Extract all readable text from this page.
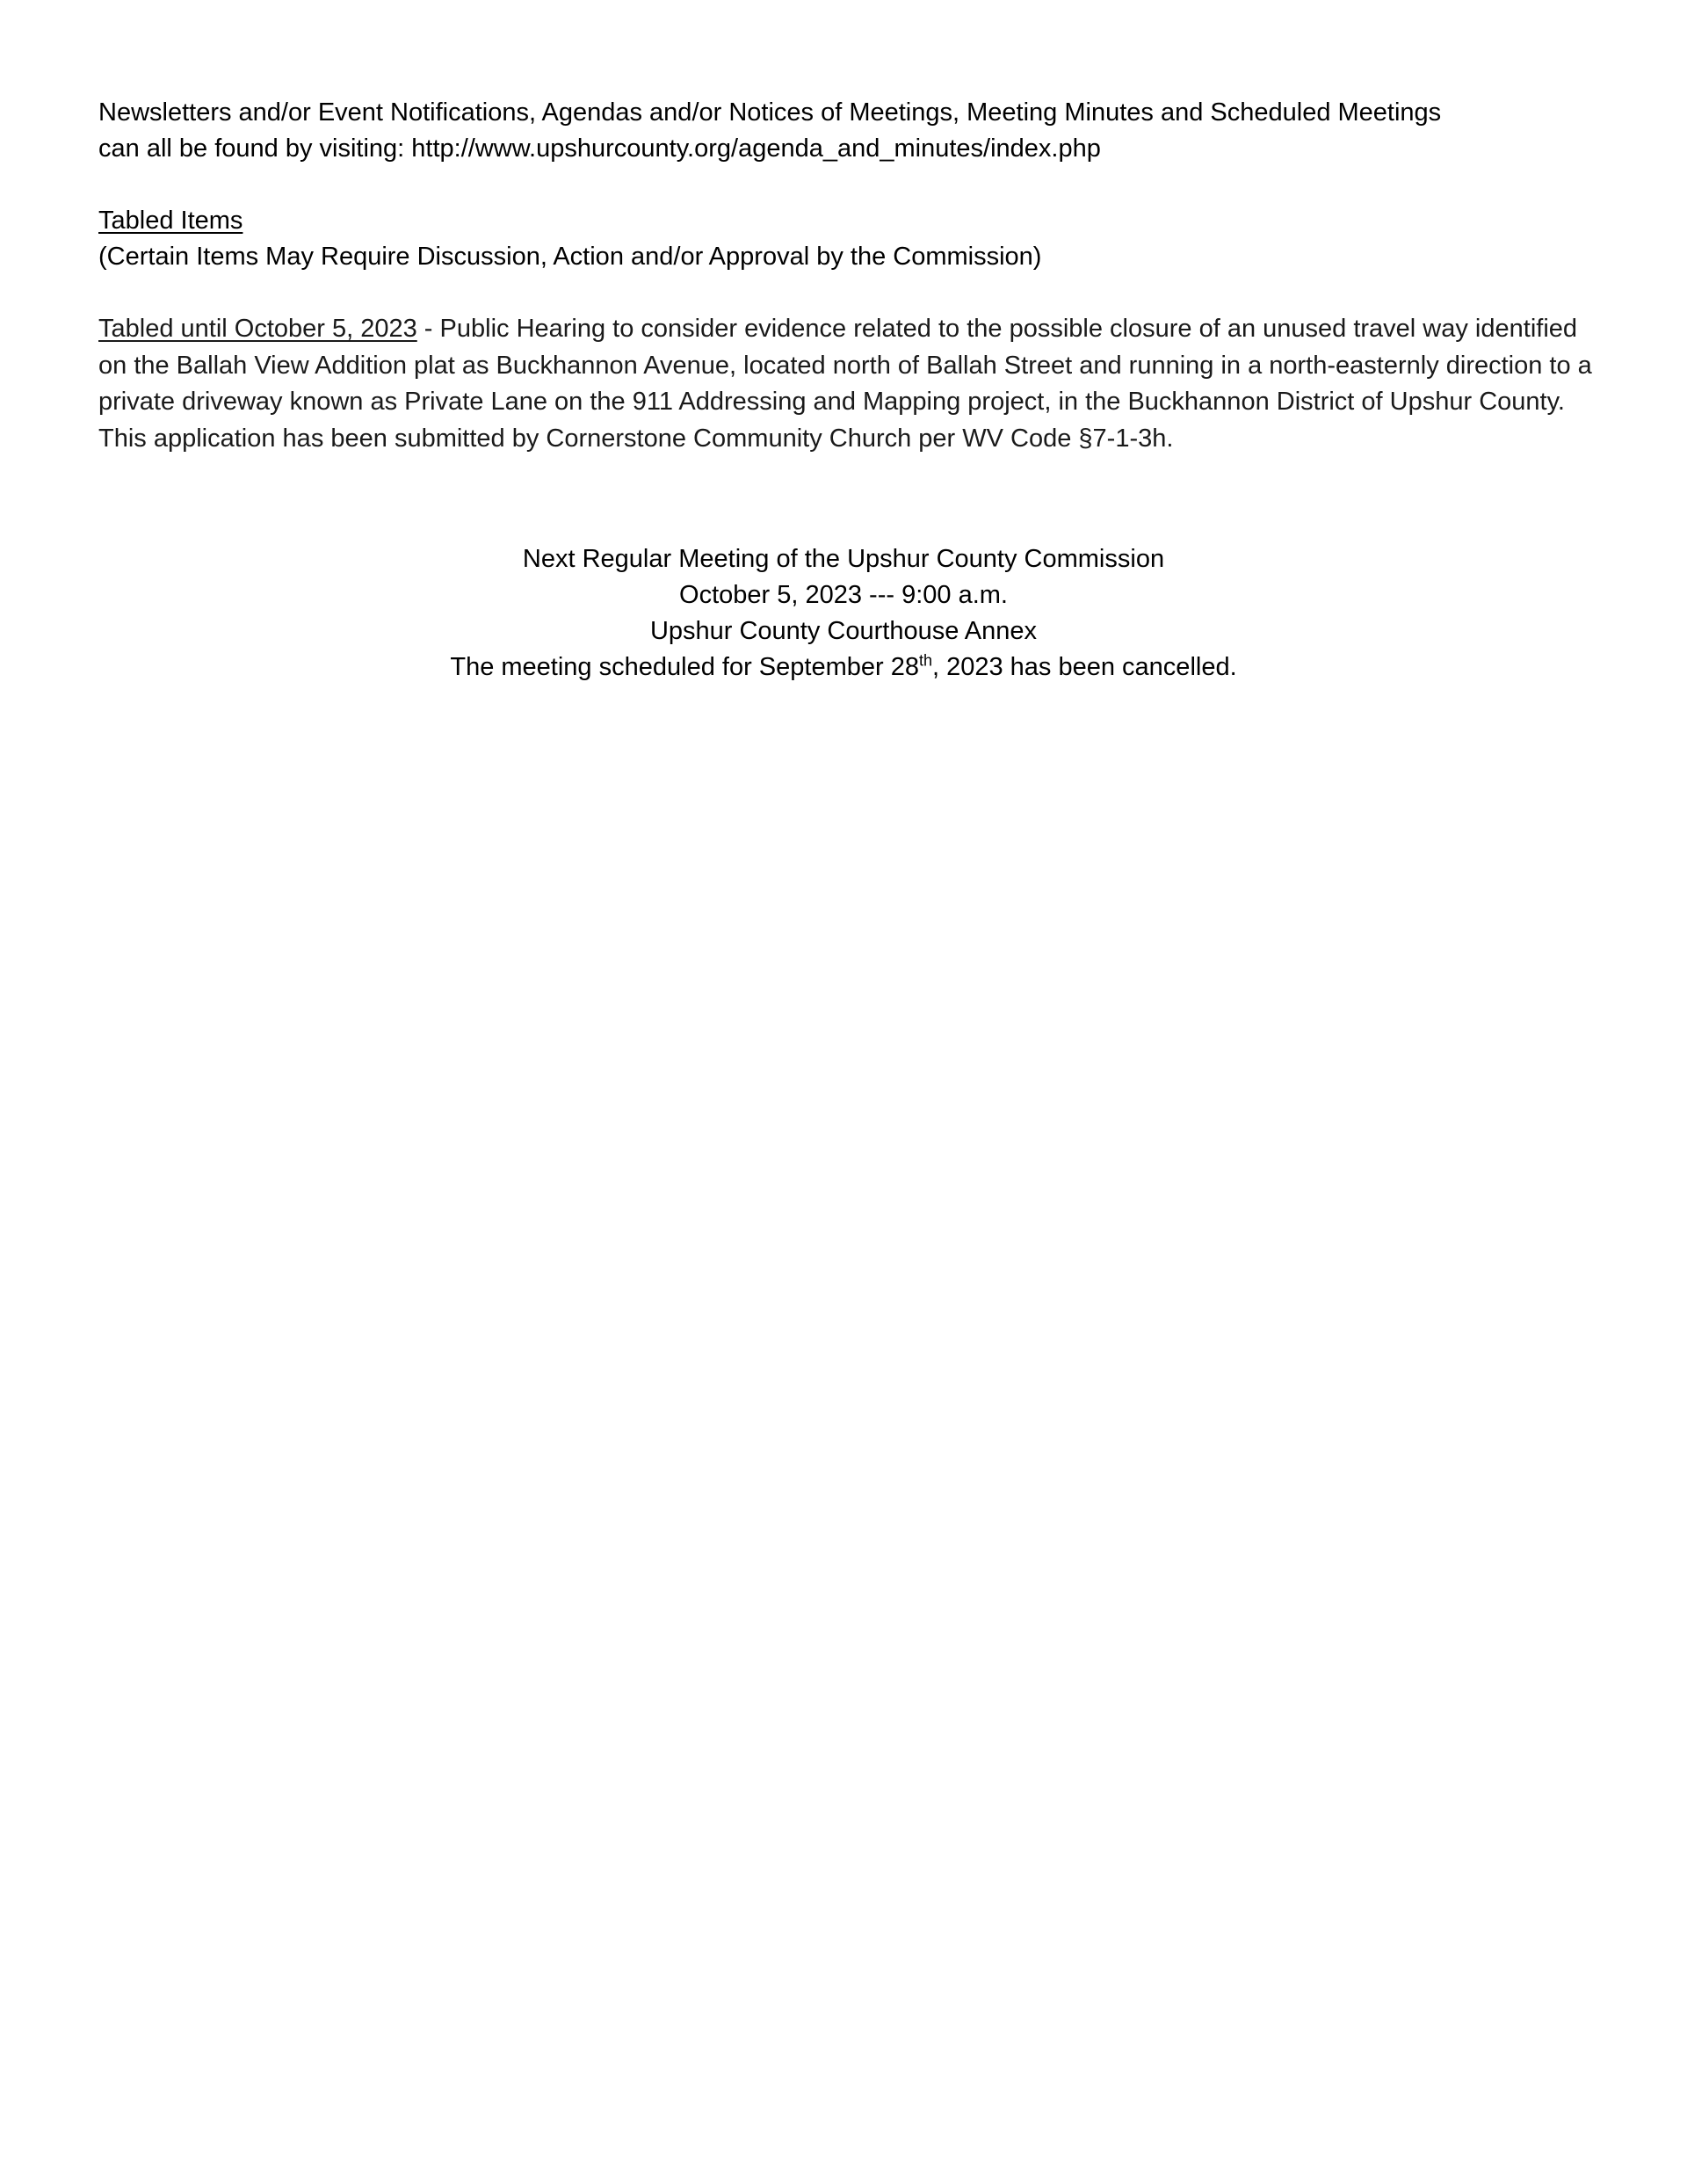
Newsletters and/or Event Notifications, Agendas and/or Notices of Meetings, Meeting Minutes and Scheduled Meetings
can all be found by visiting: http://www.upshurcounty.org/agenda_and_minutes/index.php
Tabled Items
(Certain Items May Require Discussion, Action and/or Approval by the Commission)

Tabled until October 5, 2023 - Public Hearing to consider evidence related to the possible closure of an unused travel way identified on the Ballah View Addition plat as Buckhannon Avenue, located north of Ballah Street and running in a north-easternly direction to a private driveway known as Private Lane on the 911 Addressing and Mapping project, in the Buckhannon District of Upshur County. This application has been submitted by Cornerstone Community Church per WV Code §7-1-3h.

Next Regular Meeting of the Upshur County Commission
October 5, 2023 --- 9:00 a.m.
Upshur County Courthouse Annex
The meeting scheduled for September 28th, 2023 has been cancelled.
